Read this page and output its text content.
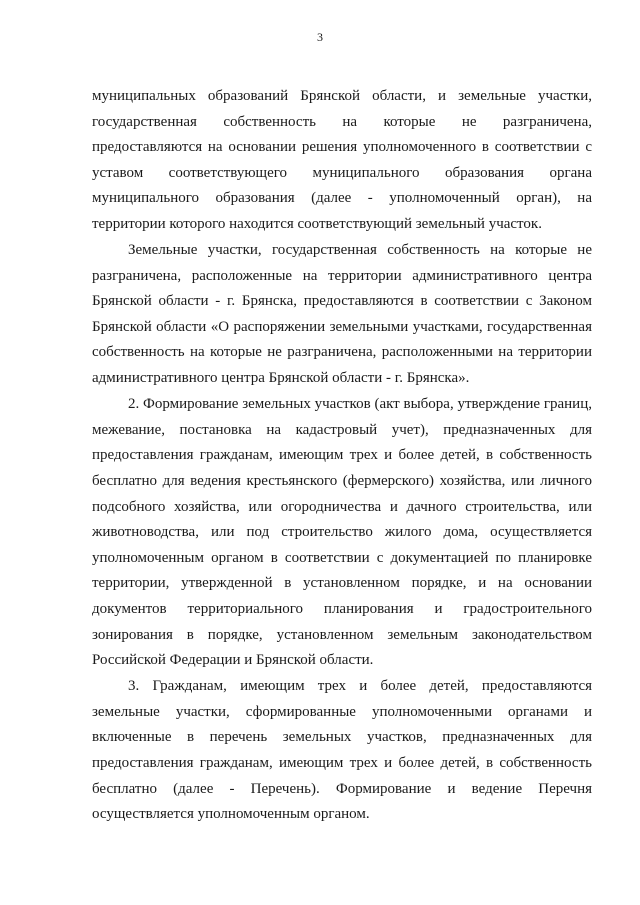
3

муниципальных образований Брянской области, и земельные участки, государственная собственность на которые не разграничена, предоставляются на основании решения уполномоченного в соответствии с уставом соответствующего муниципального образования органа муниципального образования (далее - уполномоченный орган), на территории которого находится соответствующий земельный участок.

Земельные участки, государственная собственность на которые не разграничена, расположенные на территории административного центра Брянской области - г. Брянска, предоставляются в соответствии с Законом Брянской области «О распоряжении земельными участками, государственная собственность на которые не разграничена, расположенными на территории административного центра Брянской области - г. Брянска».

2. Формирование земельных участков (акт выбора, утверждение границ, межевание, постановка на кадастровый учет), предназначенных для предоставления гражданам, имеющим трех и более детей, в собственность бесплатно для ведения крестьянского (фермерского) хозяйства, или личного подсобного хозяйства, или огородничества и дачного строительства, или животноводства, или под строительство жилого дома, осуществляется уполномоченным органом в соответствии с документацией по планировке территории, утвержденной в установленном порядке, и на основании документов территориального планирования и градостроительного зонирования в порядке, установленном земельным законодательством Российской Федерации и Брянской области.

3. Гражданам, имеющим трех и более детей, предоставляются земельные участки, сформированные уполномоченными органами и включенные в перечень земельных участков, предназначенных для предоставления гражданам, имеющим трех и более детей, в собственность бесплатно (далее - Перечень). Формирование и ведение Перечня осуществляется уполномоченным органом.
